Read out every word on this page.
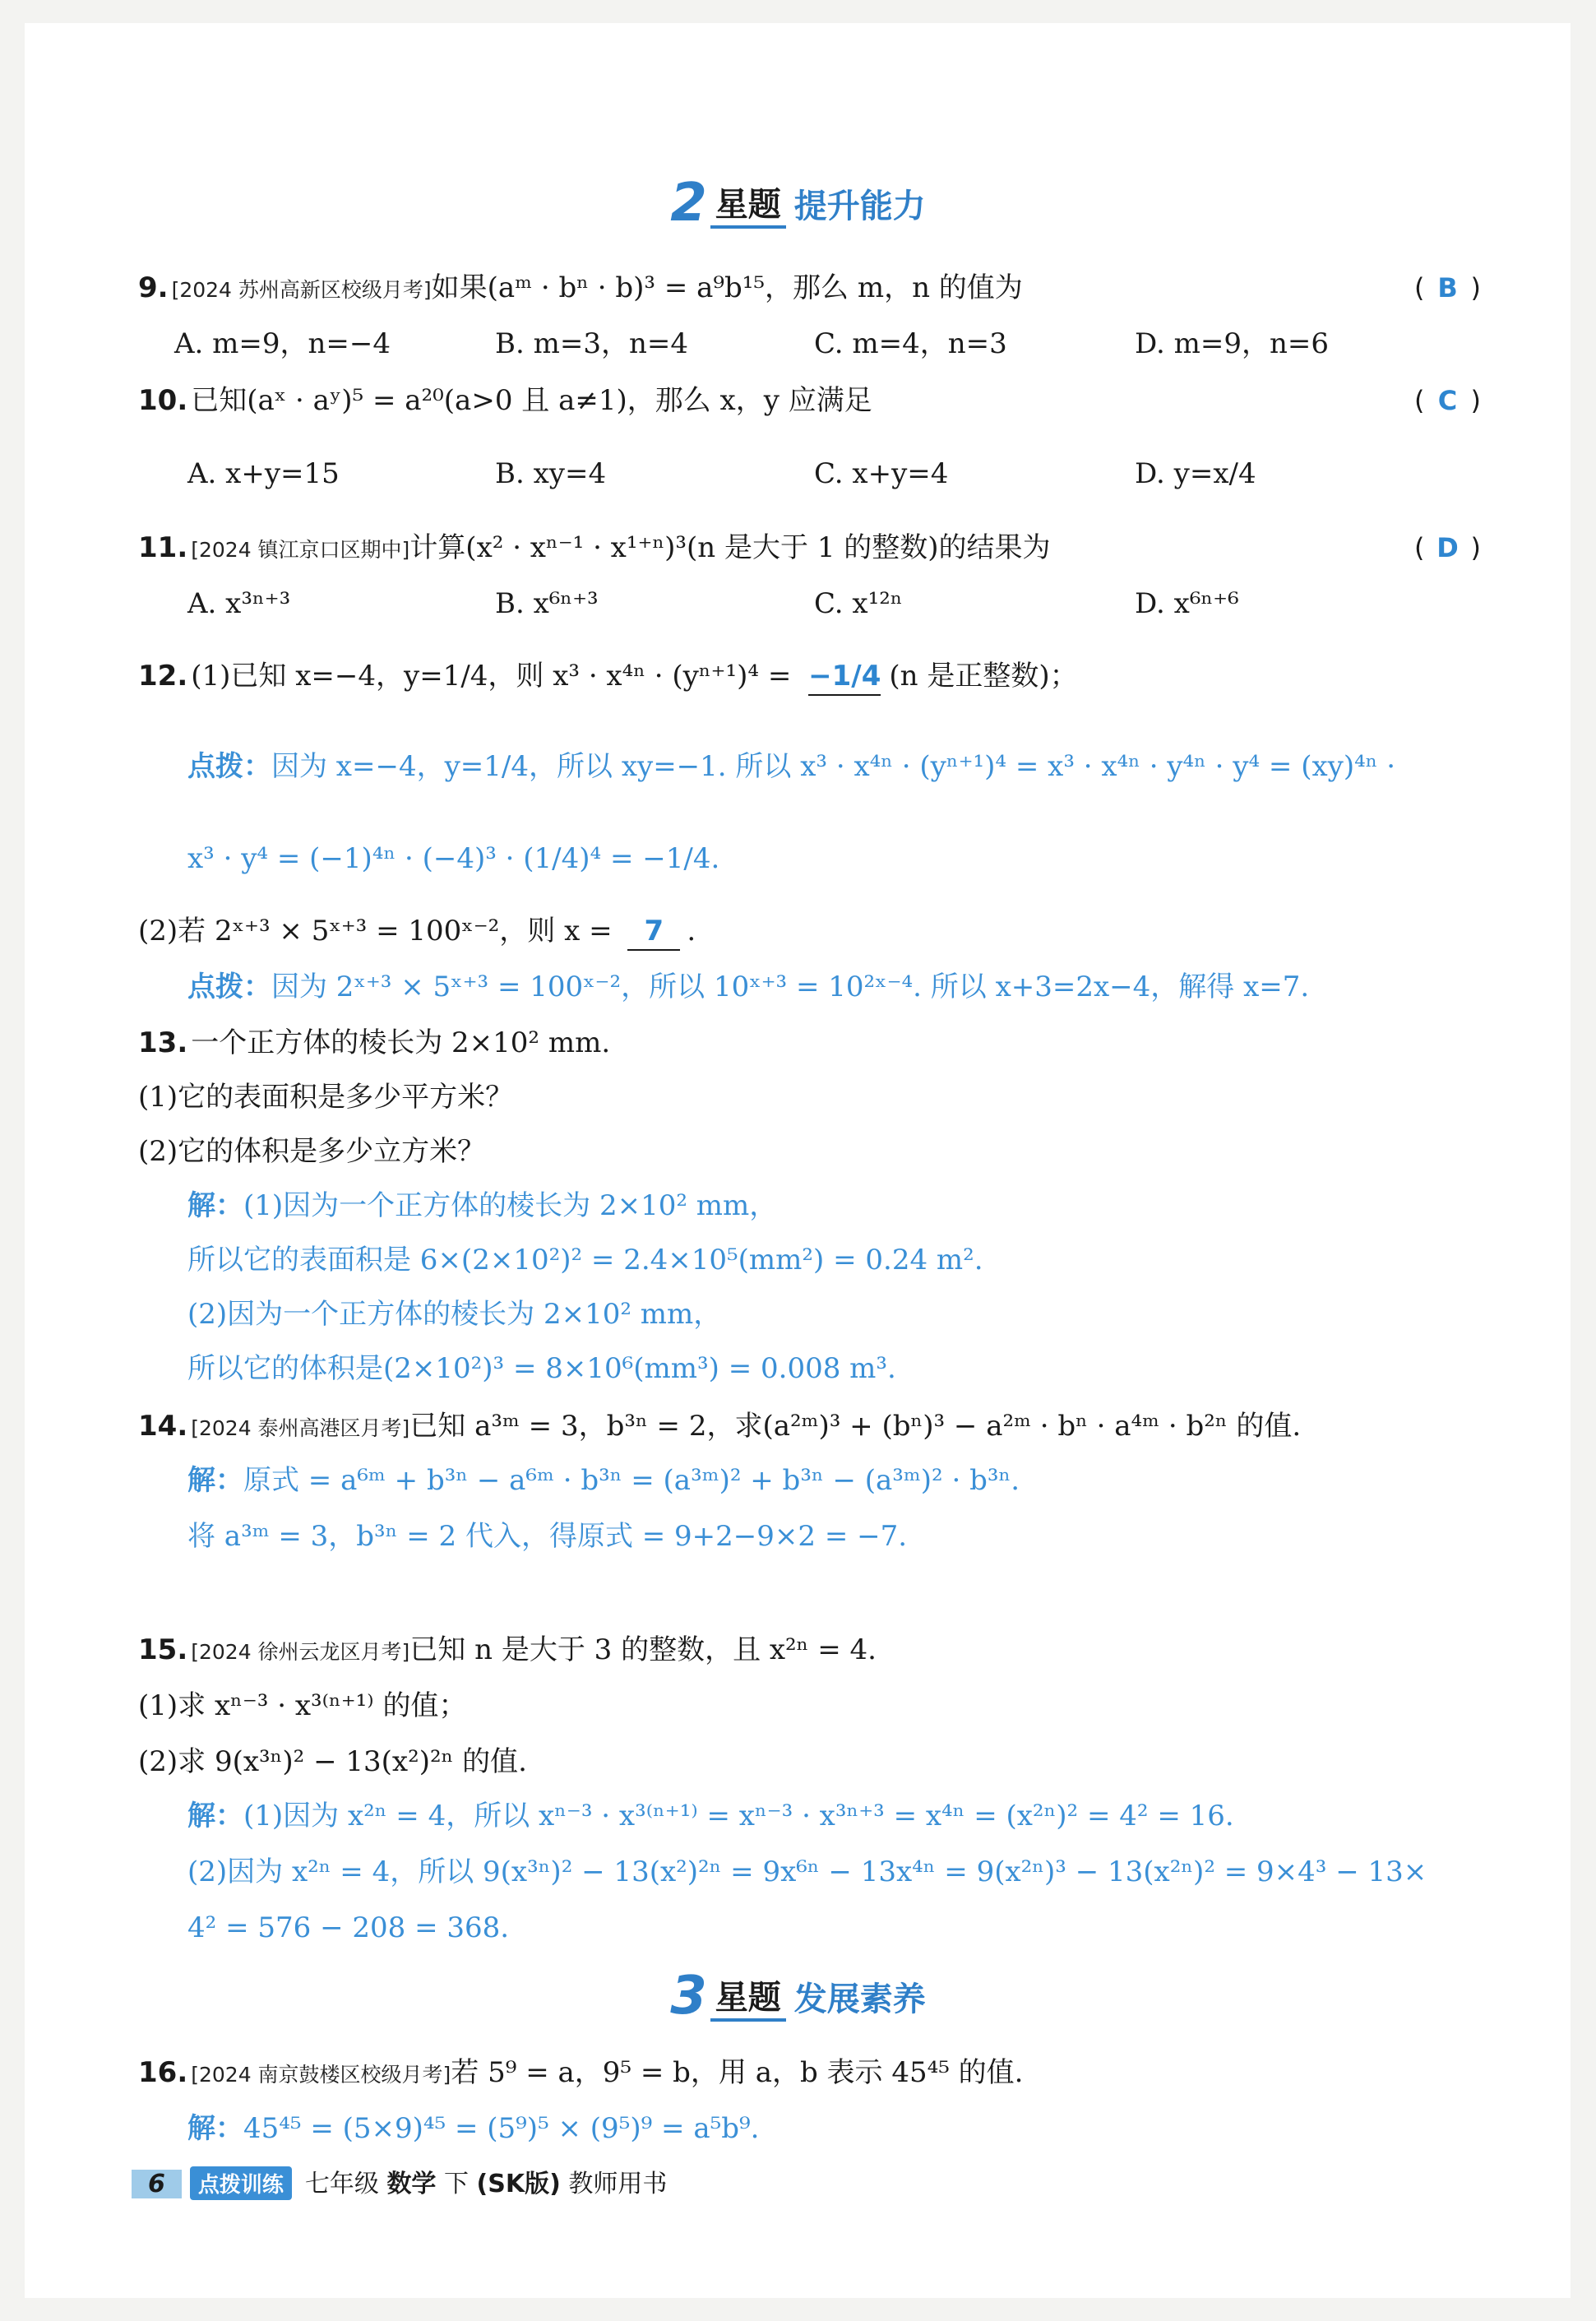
2 星题 提升能力
9. [2024 苏州高新区校级月考]如果(aᵐ · bⁿ · b)³ = a⁹b¹⁵，那么 m，n 的值为	( B )
A. m=9，n=−4	B. m=3，n=4	C. m=4，n=3	D. m=9，n=6
10. 已知(aˣ · aʸ)⁵ = a²⁰(a>0 且 a≠1)，那么 x，y 应满足	( C )
A. x+y=15	B. xy=4	C. x+y=4	D. y=x/4
11. [2024 镇江京口区期中]计算(x² · xⁿ⁻¹ · x¹⁺ⁿ)³(n 是大于 1 的整数)的结果为	( D )
A. x³ⁿ⁺³	B. x⁶ⁿ⁺³	C. x¹²ⁿ	D. x⁶ⁿ⁺⁶
12. (1)已知 x=−4，y=1/4，则 x³ · x⁴ⁿ · (yⁿ⁺¹)⁴ = −1/4 (n 是正整数)；
点拨：因为 x=−4，y=1/4，所以 xy=−1. 所以 x³ · x⁴ⁿ · (yⁿ⁺¹)⁴ = x³ · x⁴ⁿ · y⁴ⁿ · y⁴ = (xy)⁴ⁿ ·
x³ · y⁴ = (−1)⁴ⁿ · (−4)³ · (1/4)⁴ = −1/4.
(2)若 2ˣ⁺³ × 5ˣ⁺³ = 100ˣ⁻²，则 x = 7 .
点拨：因为 2ˣ⁺³ × 5ˣ⁺³ = 100ˣ⁻²，所以 10ˣ⁺³ = 10²ˣ⁻⁴. 所以 x+3=2x−4，解得 x=7.
13. 一个正方体的棱长为 2×10² mm.
(1)它的表面积是多少平方米？
(2)它的体积是多少立方米？
解：(1)因为一个正方体的棱长为 2×10² mm，
所以它的表面积是 6×(2×10²)² = 2.4×10⁵(mm²) = 0.24 m².
(2)因为一个正方体的棱长为 2×10² mm，
所以它的体积是(2×10²)³ = 8×10⁶(mm³) = 0.008 m³.
14. [2024 泰州高港区月考]已知 a³ᵐ = 3，b³ⁿ = 2，求(a²ᵐ)³ + (bⁿ)³ − a²ᵐ · bⁿ · a⁴ᵐ · b²ⁿ 的值.
解：原式 = a⁶ᵐ + b³ⁿ − a⁶ᵐ · b³ⁿ = (a³ᵐ)² + b³ⁿ − (a³ᵐ)² · b³ⁿ.
将 a³ᵐ = 3，b³ⁿ = 2 代入，得原式 = 9+2−9×2 = −7.
15. [2024 徐州云龙区月考]已知 n 是大于 3 的整数，且 x²ⁿ = 4.
(1)求 xⁿ⁻³ · x³⁽ⁿ⁺¹⁾ 的值；
(2)求 9(x³ⁿ)² − 13(x²)²ⁿ 的值.
解：(1)因为 x²ⁿ = 4，所以 xⁿ⁻³ · x³⁽ⁿ⁺¹⁾ = xⁿ⁻³ · x³ⁿ⁺³ = x⁴ⁿ = (x²ⁿ)² = 4² = 16.
(2)因为 x²ⁿ = 4，所以 9(x³ⁿ)² − 13(x²)²ⁿ = 9x⁶ⁿ − 13x⁴ⁿ = 9(x²ⁿ)³ − 13(x²ⁿ)² = 9×4³ − 13×
4² = 576 − 208 = 368.
3 星题 发展素养
16. [2024 南京鼓楼区校级月考]若 5⁹ = a，9⁵ = b，用 a，b 表示 45⁴⁵ 的值.
解：45⁴⁵ = (5×9)⁴⁵ = (5⁹)⁵ × (9⁵)⁹ = a⁵b⁹.
6 点拨训练 七年级 数学 下 (SK版) 教师用书
